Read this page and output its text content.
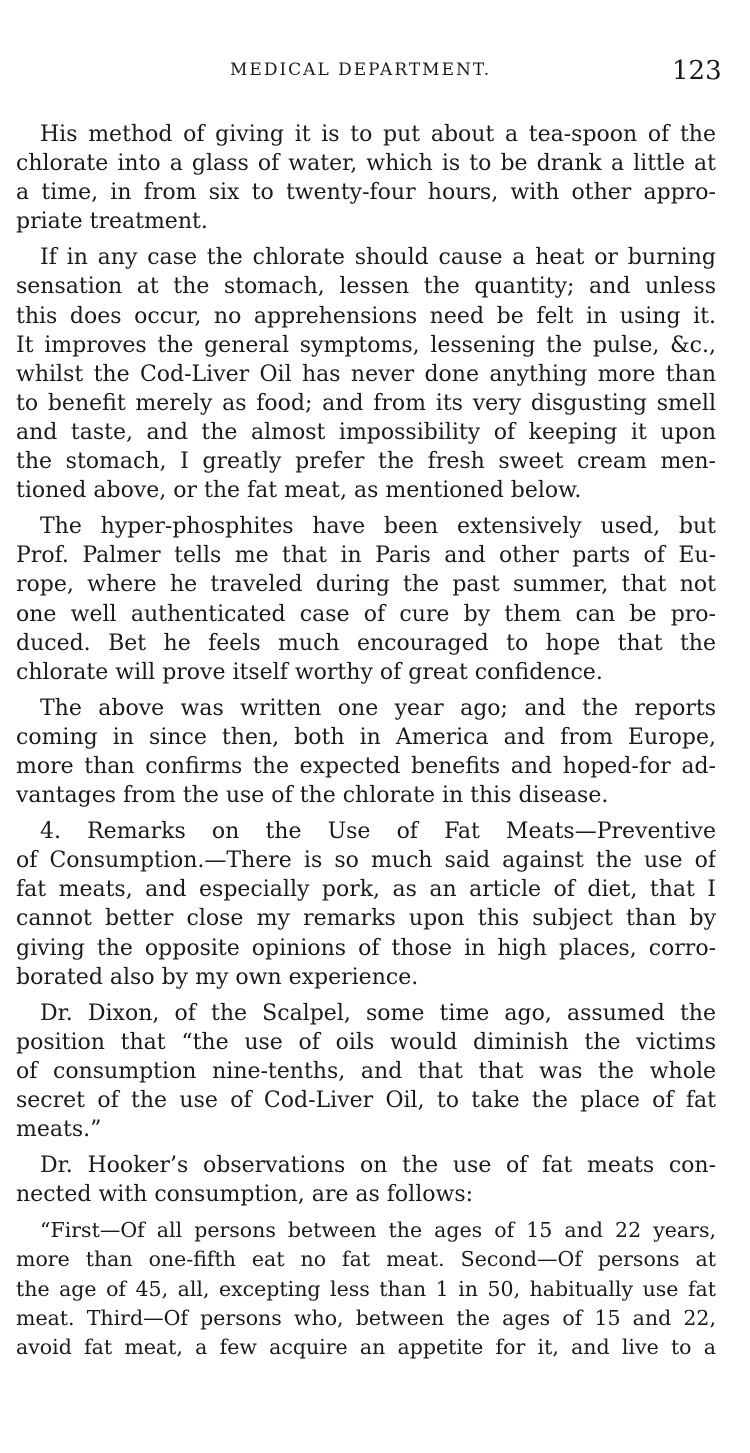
MEDICAL DEPARTMENT.	123
His method of giving it is to put about a tea-spoon of the
chlorate into a glass of water, which is to be drank a little at
a time, in from six to twenty-four hours, with other appro-
priate treatment.
If in any case the chlorate should cause a heat or burning
sensation at the stomach, lessen the quantity; and unless
this does occur, no apprehensions need be felt in using it.
It improves the general symptoms, lessening the pulse, &c.,
whilst the Cod-Liver Oil has never done anything more than
to benefit merely as food; and from its very disgusting smell
and taste, and the almost impossibility of keeping it upon
the stomach, I greatly prefer the fresh sweet cream men-
tioned above, or the fat meat, as mentioned below.
The hyper-phosphites have been extensively used, but
Prof. Palmer tells me that in Paris and other parts of Eu-
rope, where he traveled during the past summer, that not
one well authenticated case of cure by them can be pro-
duced. Bet he feels much encouraged to hope that the
chlorate will prove itself worthy of great confidence.
The above was written one year ago; and the reports
coming in since then, both in America and from Europe,
more than confirms the expected benefits and hoped-for ad-
vantages from the use of the chlorate in this disease.
4. Remarks on the Use of Fat Meats—Preventive
of Consumption.—There is so much said against the use of
fat meats, and especially pork, as an article of diet, that I
cannot better close my remarks upon this subject than by
giving the opposite opinions of those in high places, corro-
borated also by my own experience.
Dr. Dixon, of the Scalpel, some time ago, assumed the
position that “the use of oils would diminish the victims
of consumption nine-tenths, and that that was the whole
secret of the use of Cod-Liver Oil, to take the place of fat
meats.”
Dr. Hooker’s observations on the use of fat meats con-
nected with consumption, are as follows:
“First—Of all persons between the ages of 15 and 22 years,
more than one-fifth eat no fat meat. Second—Of persons at
the age of 45, all, excepting less than 1 in 50, habitually use fat
meat. Third—Of persons who, between the ages of 15 and 22,
avoid fat meat, a few acquire an appetite for it, and live to a
